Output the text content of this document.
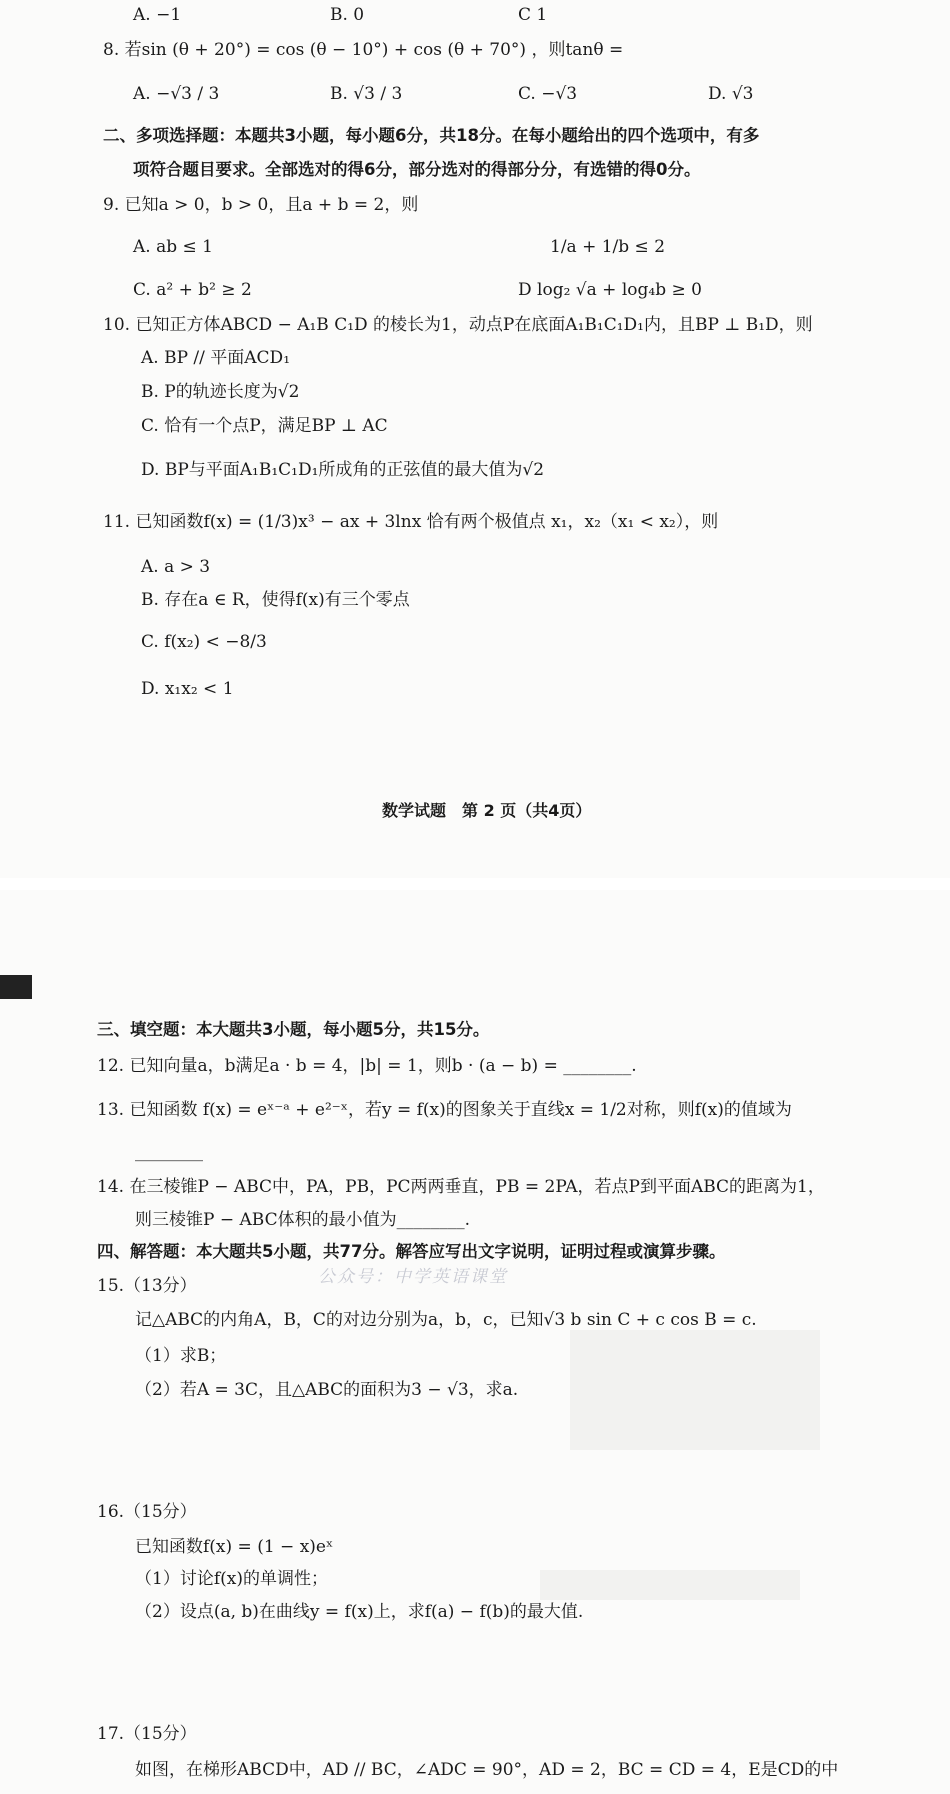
A. −1	B. 0	C 1
8. 若sin (θ + 20°) = cos (θ − 10°) + cos (θ + 70°) ，则tanθ =
A. −√3 / 3	B. √3 / 3	C. −√3	D. √3
二、多项选择题：本题共3小题，每小题6分，共18分。在每小题给出的四个选项中，有多
项符合题目要求。全部选对的得6分，部分选对的得部分分，有选错的得0分。
9. 已知a > 0，b > 0，且a + b = 2，则
A. ab ≤ 1	1/a + 1/b ≤ 2
C. a² + b² ≥ 2	D log₂ √a + log₄b ≥ 0
10. 已知正方体ABCD − A₁B C₁D 的棱长为1，动点P在底面A₁B₁C₁D₁内，且BP ⊥ B₁D，则
A. BP // 平面ACD₁
B. P的轨迹长度为√2
C. 恰有一个点P，满足BP ⊥ AC
D. BP与平面A₁B₁C₁D₁所成角的正弦值的最大值为√2
11. 已知函数f(x) = (1/3)x³ − ax + 3lnx 恰有两个极值点 x₁，x₂（x₁ < x₂），则
A. a > 3
B. 存在a ∈ R，使得f(x)有三个零点
C. f(x₂) < −8/3
D. x₁x₂ < 1
数学试题　第 2 页（共4页）
三、填空题：本大题共3小题，每小题5分，共15分。
12. 已知向量a，b满足a · b = 4，|b| = 1，则b · (a − b) = ________.
13. 已知函数 f(x) = eˣ⁻ᵃ + e²⁻ˣ，若y = f(x)的图象关于直线x = 1/2对称，则f(x)的值域为
________
14. 在三棱锥P − ABC中，PA，PB，PC两两垂直，PB = 2PA，若点P到平面ABC的距离为1，
则三棱锥P − ABC体积的最小值为________.
四、解答题：本大题共5小题，共77分。解答应写出文字说明，证明过程或演算步骤。
公众号：中学英语课堂
15.（13分）
记△ABC的内角A，B，C的对边分别为a，b，c，已知√3 b sin C + c cos B = c.
（1）求B；
（2）若A = 3C，且△ABC的面积为3 − √3，求a.
16.（15分）
已知函数f(x) = (1 − x)eˣ
（1）讨论f(x)的单调性；
（2）设点(a, b)在曲线y = f(x)上，求f(a) − f(b)的最大值.
17.（15分）
如图，在梯形ABCD中，AD // BC，∠ADC = 90°，AD = 2，BC = CD = 4，E是CD的中
